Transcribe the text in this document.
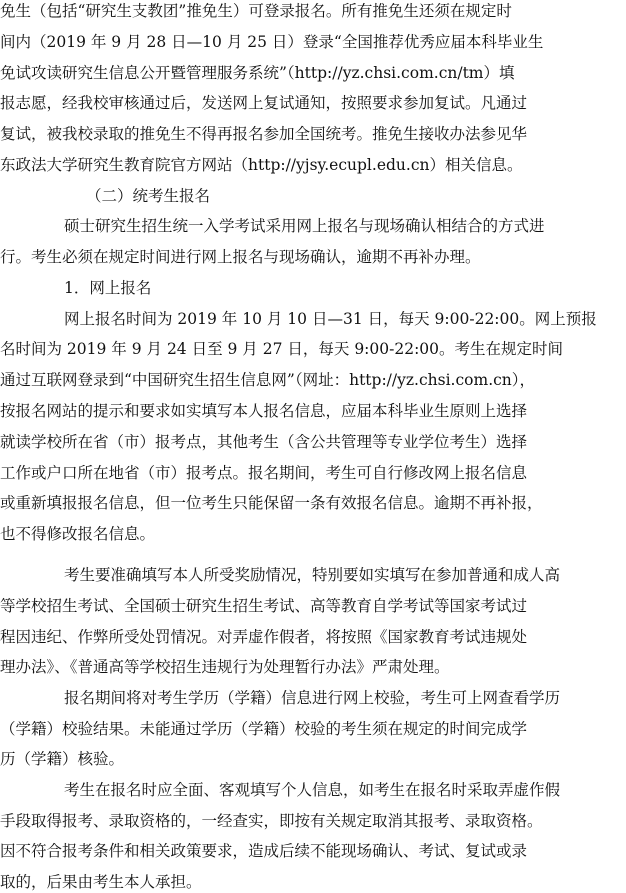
免生（包括“研究生支教团”推免生）可登录报名。所有推免生还须在规定时
间内（2019 年 9 月 28 日—10 月 25 日）登录“全国推荐优秀应届本科毕业生
免试攻读研究生信息公开暨管理服务系统”（http://yz.chsi.com.cn/tm）填
报志愿，经我校审核通过后，发送网上复试通知，按照要求参加复试。凡通过
复试，被我校录取的推免生不得再报名参加全国统考。推免生接收办法参见华
东政法大学研究生教育院官方网站（http://yjsy.ecupl.edu.cn）相关信息。
（二）统考生报名
硕士研究生招生统一入学考试采用网上报名与现场确认相结合的方式进
行。考生必须在规定时间进行网上报名与现场确认，逾期不再补办理。
1．网上报名
网上报名时间为 2019 年 10 月 10 日—31 日，每天 9:00-22:00。网上预报
名时间为 2019 年 9 月 24 日至 9 月 27 日，每天 9:00-22:00。考生在规定时间
通过互联网登录到“中国研究生招生信息网”（网址：http://yz.chsi.com.cn），
按报名网站的提示和要求如实填写本人报名信息，应届本科毕业生原则上选择
就读学校所在省（市）报考点，其他考生（含公共管理等专业学位考生）选择
工作或户口所在地省（市）报考点。报名期间，考生可自行修改网上报名信息
或重新填报报名信息，但一位考生只能保留一条有效报名信息。逾期不再补报，
也不得修改报名信息。
考生要准确填写本人所受奖励情况，特别要如实填写在参加普通和成人高
等学校招生考试、全国硕士研究生招生考试、高等教育自学考试等国家考试过
程因违纪、作弊所受处罚情况。对弄虚作假者，将按照《国家教育考试违规处
理办法》、《普通高等学校招生违规行为处理暂行办法》严肃处理。
报名期间将对考生学历（学籍）信息进行网上校验，考生可上网查看学历
（学籍）校验结果。未能通过学历（学籍）校验的考生须在规定的时间完成学
历（学籍）核验。
考生在报名时应全面、客观填写个人信息，如考生在报名时采取弄虚作假
手段取得报考、录取资格的，一经查实，即按有关规定取消其报考、录取资格。
因不符合报考条件和相关政策要求，造成后续不能现场确认、考试、复试或录
取的，后果由考生本人承担。
